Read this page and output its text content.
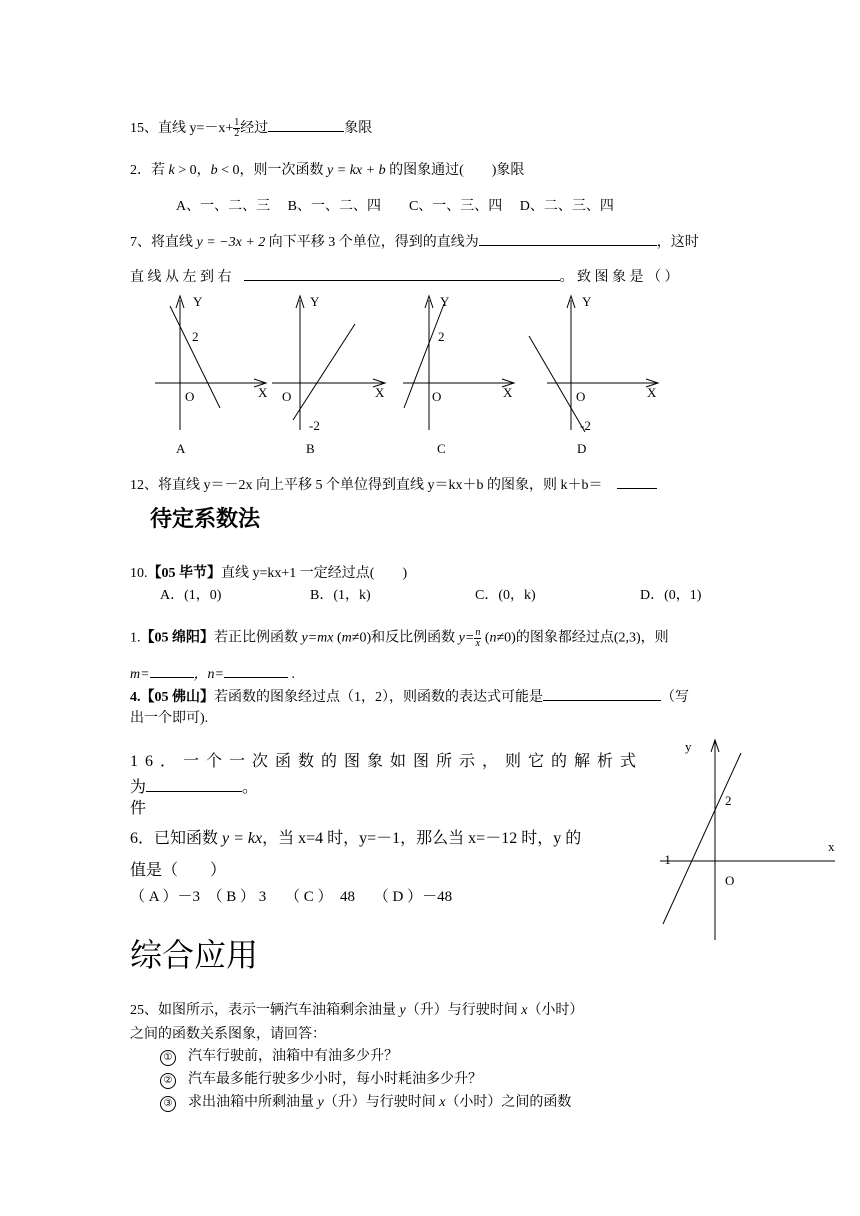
15、直线 $y=-x+ \frac{1}{2}$ 经过	象限
2．若 k > 0，b < 0，则一次函数 y = kx + b 的图象通过(　　)象限
A、一、二、三　 B、一、二、四　　C、一、三、四　 D、二、三、四
7、将直线 y = −3x + 2 向下平移 3 个单位，得到的直线为	，这时
直 线 从 左 到 右	。 致 图 象 是 （ ）
Y
2
O	X
A
Y
O	X
-2
B
Y
2
O	X
C
Y
O	X
-2
D
12、将直线 y＝－2x 向上平移 5 个单位得到直线 y＝kx＋b 的图象，则 k＋b＝
待定系数法
10.【05 毕节】直线 y=kx+1 一定经过点(　　)
A．(1，0)	B．(1，k)	C．(0，k)	D．(0，1)
1.【05 绵阳】若正比例函数 y=mx (m≠0)和反比例函数 $y= \frac{n}{x} (n\ne 0)$的图象都经过点(2,3)，则
m=	，n=	.
4.【05 佛山】若函数的图象经过点（1，2），则函数的表达式可能是	（写
出一个即可).
16．一个一次函数的图象如图所示，则它的解析式
为	。
件
6．已知函数 y = kx，当 x=4 时，y=－1，那么当 x=－12 时，y 的
值是（　　）
（ A ）－3　（ B ） 3　 （ C ）　48　 （ D ）－48
y
2
-1
x
O
综合应用
25、如图所示，表示一辆汽车油箱剩余油量 y（升）与行驶时间 x（小时）
之间的函数关系图象，请回答：
① 汽车行驶前，油箱中有油多少升？
② 汽车最多能行驶多少小时，每小时耗油多少升？
③ 求出油箱中所剩油量 y（升）与行驶时间 x（小时）之间的函数
